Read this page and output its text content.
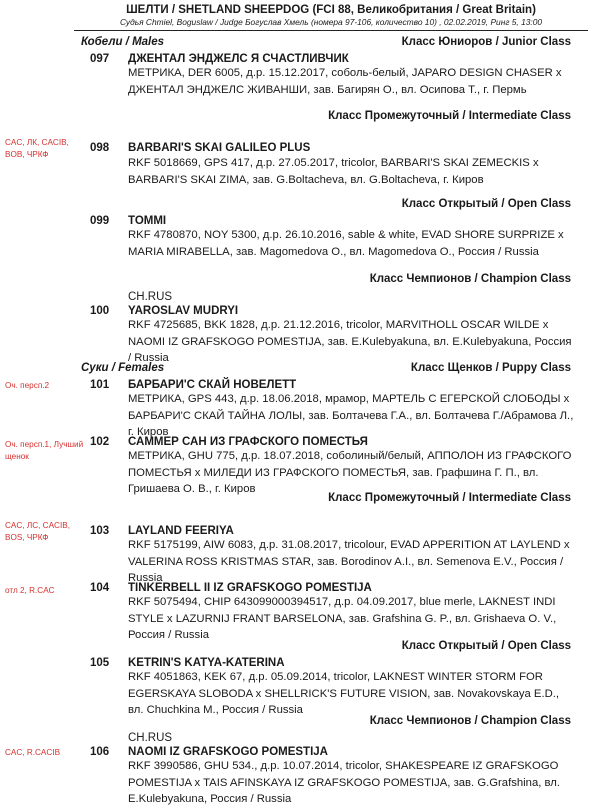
ШЕЛТИ / SHETLAND SHEEPDOG (FCI 88, Великобритания / Great Britain)
Судья Chmiel, Boguslaw / Judge Богуслав Хмель (номера 97-106, количество 10) , 02.02.2019, Ринг 5, 13:00
Кобели / Males	Класс Юниоров / Junior Class
097 ДЖЕНТАЛ ЭНДЖЕЛС Я СЧАСТЛИВЧИК
МЕТРИКА, DER 6005, д.р. 15.12.2017, соболь-белый, JAPARO DESIGN CHASER x ДЖЕНТАЛ ЭНДЖЕЛС ЖИВАНШИ, зав. Багирян О., вл. Осипова Т., г. Пермь
Класс Промежуточный / Intermediate Class
CAC, ЛК, CACIB, BOB, ЧРКФ
098 BARBARI'S SKAI GALILEO PLUS
RKF 5018669, GPS 417, д.р. 27.05.2017, tricolor, BARBARI'S SKAI ZEMECKIS x BARBARI'S SKAI ZIMA, зав. G.Boltacheva, вл. G.Boltacheva, г. Киров
Класс Открытый / Open Class
099 TOMMI
RKF 4780870, NOY 5300, д.р. 26.10.2016, sable & white, EVAD SHORE SURPRIZE x MARIA MIRABELLA, зав. Magomedova O., вл. Magomedova O., Россия / Russia
Класс Чемпионов / Champion Class
CH.RUS
100 YAROSLAV MUDRYI
RKF 4725685, BKK 1828, д.р. 21.12.2016, tricolor, MARVITHOLL OSCAR WILDE x NAOMI IZ GRAFSKOGO POMESTIJA, зав. E.Kulebyakuna, вл. E.Kulebyakuna, Россия / Russia
Суки / Females	Класс Щенков / Puppy Class
Оч. персп.2	101 БАРБАРИ'С СКАЙ НОВЕЛЕТТ
МЕТРИКА, GPS 443, д.р. 18.06.2018, мрамор, МАРТЕЛЬ С ЕГЕРСКОЙ СЛОБОДЫ x БАРБАРИ'С СКАЙ ТАЙНА ЛОЛЫ, зав. Болтачева Г.А., вл. Болтачева Г./Абрамова Л., г. Киров
Оч. персп.1, Лучший щенок
102 САММЕР САН ИЗ ГРАФСКОГО ПОМЕСТЬЯ
МЕТРИКА, GHU 775, д.р. 18.07.2018, соболиный/белый, АППОЛОН ИЗ ГРАФСКОГО ПОМЕСТЬЯ x МИЛЕДИ ИЗ ГРАФСКОГО ПОМЕСТЬЯ, зав. Графшина Г. П., вл. Гришаева О. В., г. Киров
Класс Промежуточный / Intermediate Class
CAC, ЛС, CACIB, BOS, ЧРКФ
103 LAYLAND FEERIYA
RKF 5175199, AIW 6083, д.р. 31.08.2017, tricolour, EVAD APPERITION AT LAYLEND x VALERINA ROSS KRISTMAS STAR, зав. Borodinov A.I., вл. Semenova E.V., Россия / Russia
отл 2, R.CAC	104 TINKERBELL II IZ GRAFSKOGO POMESTIJA
RKF 5075494, CHIP 643099000394517, д.р. 04.09.2017, blue merle, LAKNEST INDI STYLE x LAZURNIJ FRANT BARSELONA, зав. Grafshina G. P., вл. Grishaeva O. V., Россия / Russia
Класс Открытый / Open Class
105 KETRIN'S KATYA-KATERINA
RKF 4051863, KEK 67, д.р. 05.09.2014, tricolor, LAKNEST WINTER STORM FOR EGERSKAYA SLOBODA x SHELLRICK'S FUTURE VISION, зав. Novakovskaya E.D., вл. Chuchkina M., Россия / Russia
Класс Чемпионов / Champion Class
CH.RUS
CAC, R.CACIB	106 NAOMI IZ GRAFSKOGO POMESTIJA
RKF 3990586, GHU 534., д.р. 10.07.2014, tricolor, SHAKESPEARE IZ GRAFSKOGO POMESTIJA x TAIS AFINSKAYA IZ GRAFSKOGO POMESTIJA, зав. G.Grafshina, вл. E.Kulebyakuna, Россия / Russia
